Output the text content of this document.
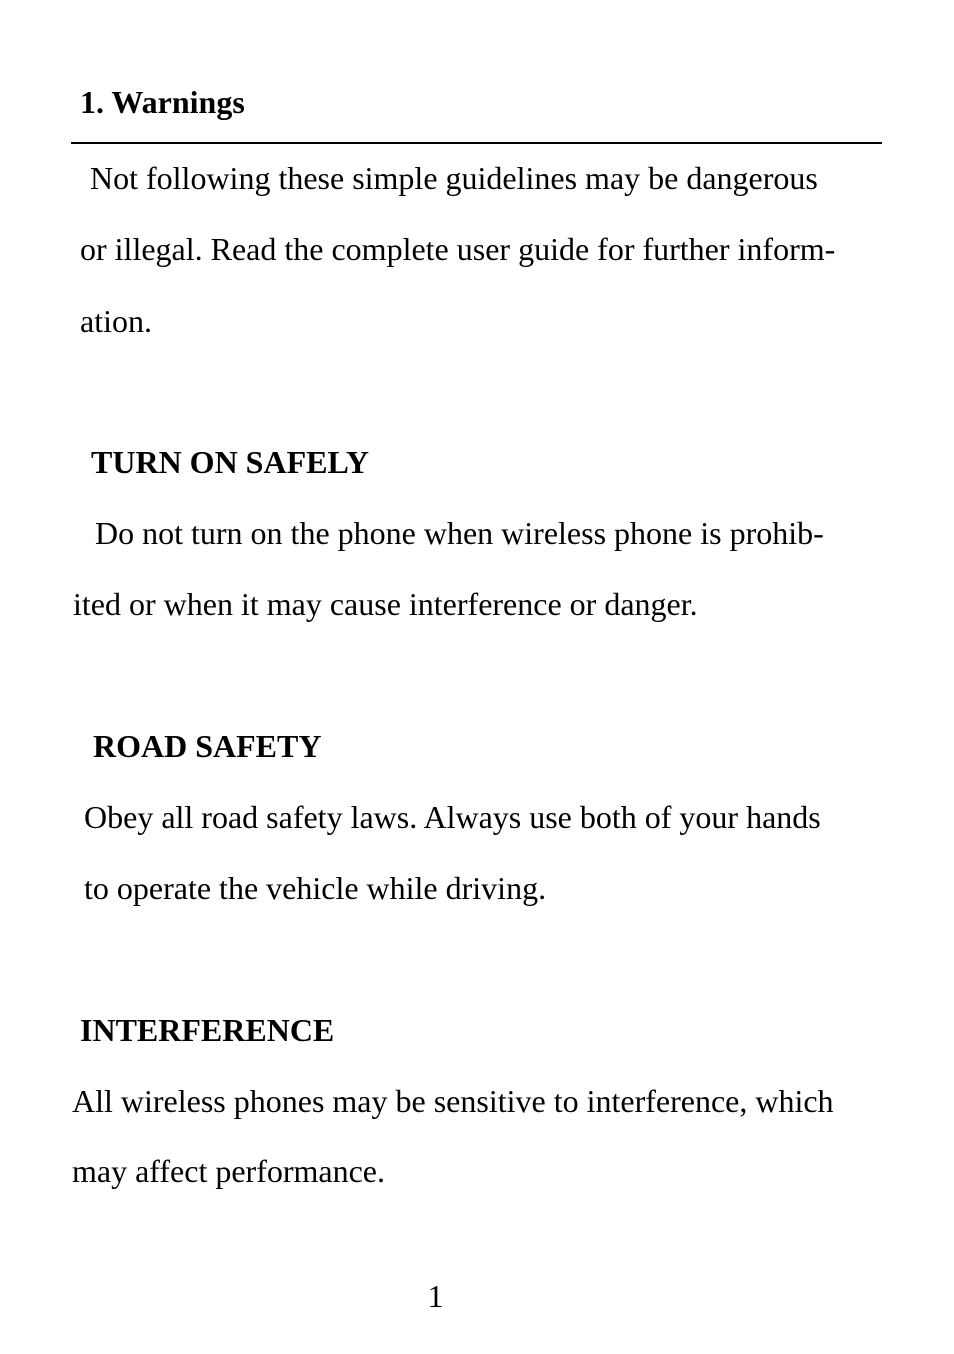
1. Warnings

Not following these simple guidelines may be dangerous

or illegal. Read the complete user guide for further inform-

ation.

TURN ON SAFELY

Do not turn on the phone when wireless phone is prohib-

ited or when it may cause interference or danger.

ROAD SAFETY

Obey all road safety laws. Always use both of your hands

to operate the vehicle while driving.

INTERFERENCE

All wireless phones may be sensitive to interference, which

may affect performance.

1
